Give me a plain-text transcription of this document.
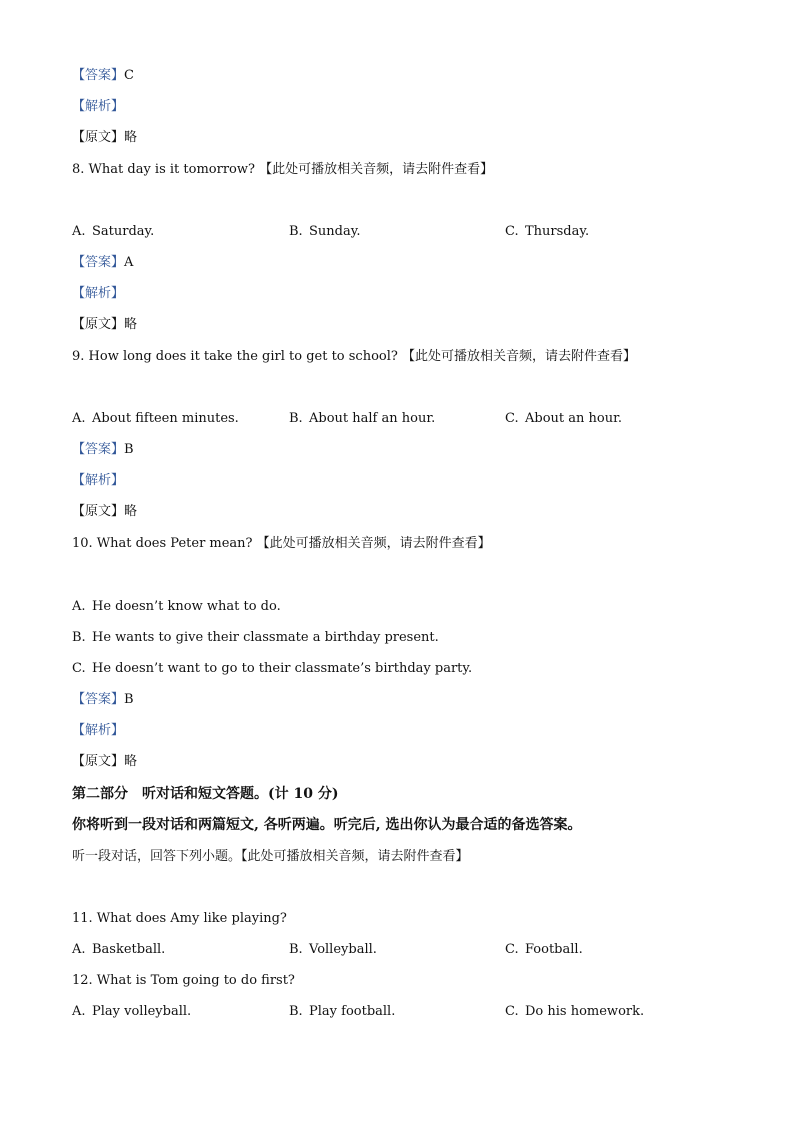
【答案】C
【解析】
【原文】略
8. What day is it tomorrow? 【此处可播放相关音频，请去附件查看】
A. Saturday.	B. Sunday.	C. Thursday.
【答案】A
【解析】
【原文】略
9. How long does it take the girl to get to school? 【此处可播放相关音频，请去附件查看】
A. About fifteen minutes.	B. About half an hour.	C. About an hour.
【答案】B
【解析】
【原文】略
10. What does Peter mean? 【此处可播放相关音频，请去附件查看】
A. He doesn’t know what to do.
B. He wants to give their classmate a birthday present.
C. He doesn’t want to go to their classmate’s birthday party.
【答案】B
【解析】
【原文】略
第二部分　听对话和短文答题。(计 10 分)
你将听到一段对话和两篇短文, 各听两遍。听完后, 选出你认为最合适的备选答案。
听一段对话，回答下列小题。【此处可播放相关音频，请去附件查看】
11. What does Amy like playing?
A. Basketball.	B. Volleyball.	C. Football.
12. What is Tom going to do first?
A. Play volleyball.	B. Play football.	C. Do his homework.
